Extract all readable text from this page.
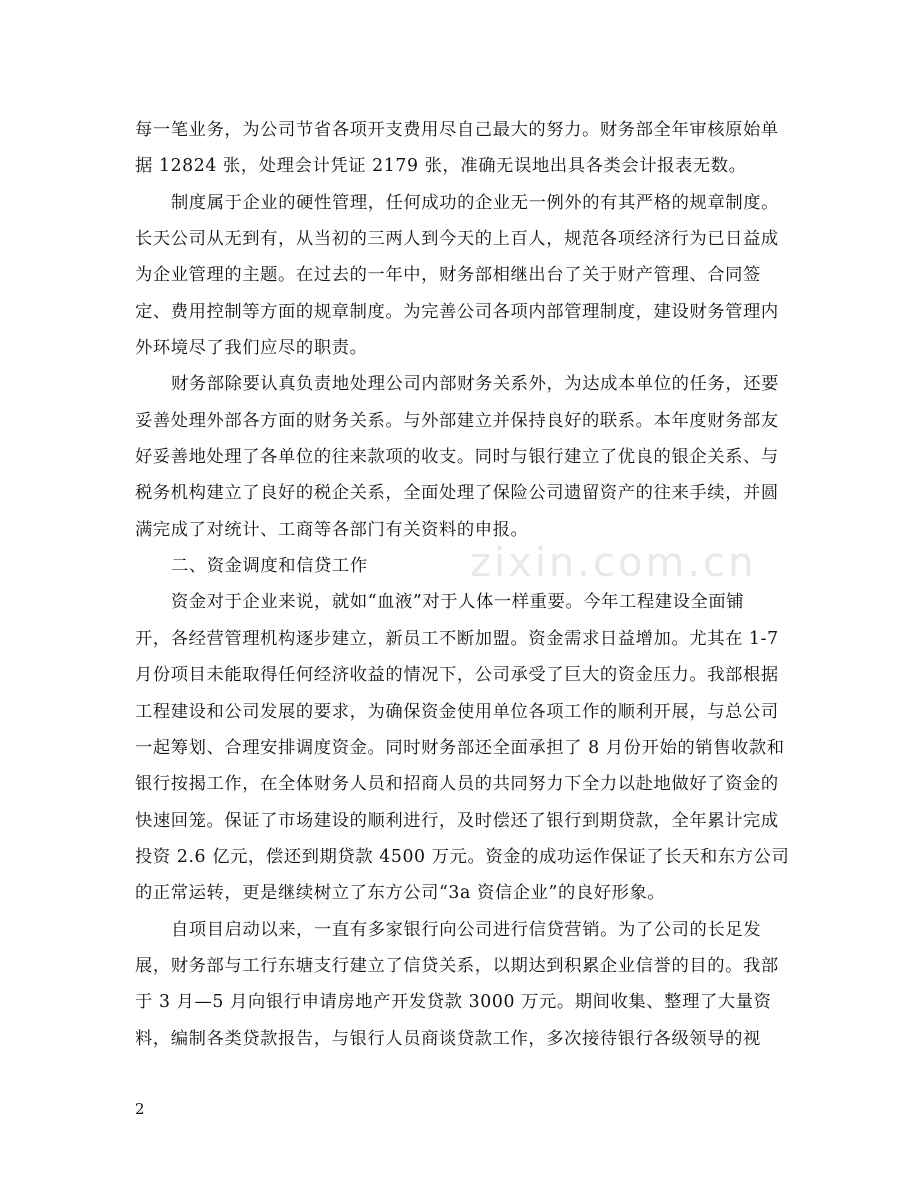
每一笔业务，为公司节省各项开支费用尽自己最大的努力。财务部全年审核原始单
据 12824 张，处理会计凭证 2179 张，准确无误地出具各类会计报表无数。
制度属于企业的硬性管理，任何成功的企业无一例外的有其严格的规章制度。
长天公司从无到有，从当初的三两人到今天的上百人，规范各项经济行为已日益成
为企业管理的主题。在过去的一年中，财务部相继出台了关于财产管理、合同签
定、费用控制等方面的规章制度。为完善公司各项内部管理制度，建设财务管理内
外环境尽了我们应尽的职责。
财务部除要认真负责地处理公司内部财务关系外，为达成本单位的任务，还要
妥善处理外部各方面的财务关系。与外部建立并保持良好的联系。本年度财务部友
好妥善地处理了各单位的往来款项的收支。同时与银行建立了优良的银企关系、与
税务机构建立了良好的税企关系，全面处理了保险公司遗留资产的往来手续，并圆
满完成了对统计、工商等各部门有关资料的申报。
二、资金调度和信贷工作
资金对于企业来说，就如“血液”对于人体一样重要。今年工程建设全面铺
开，各经营管理机构逐步建立，新员工不断加盟。资金需求日益增加。尤其在 1-7
月份项目未能取得任何经济收益的情况下，公司承受了巨大的资金压力。我部根据
工程建设和公司发展的要求，为确保资金使用单位各项工作的顺利开展，与总公司
一起筹划、合理安排调度资金。同时财务部还全面承担了 8 月份开始的销售收款和
银行按揭工作，在全体财务人员和招商人员的共同努力下全力以赴地做好了资金的
快速回笼。保证了市场建设的顺利进行，及时偿还了银行到期贷款，全年累计完成
投资 2.6 亿元，偿还到期贷款 4500 万元。资金的成功运作保证了长天和东方公司
的正常运转，更是继续树立了东方公司“3a 资信企业”的良好形象。
自项目启动以来，一直有多家银行向公司进行信贷营销。为了公司的长足发
展，财务部与工行东塘支行建立了信贷关系，以期达到积累企业信誉的目的。我部
于 3 月—5 月向银行申请房地产开发贷款 3000 万元。期间收集、整理了大量资
料，编制各类贷款报告，与银行人员商谈贷款工作，多次接待银行各级领导的视
zixin.com.cn
2
